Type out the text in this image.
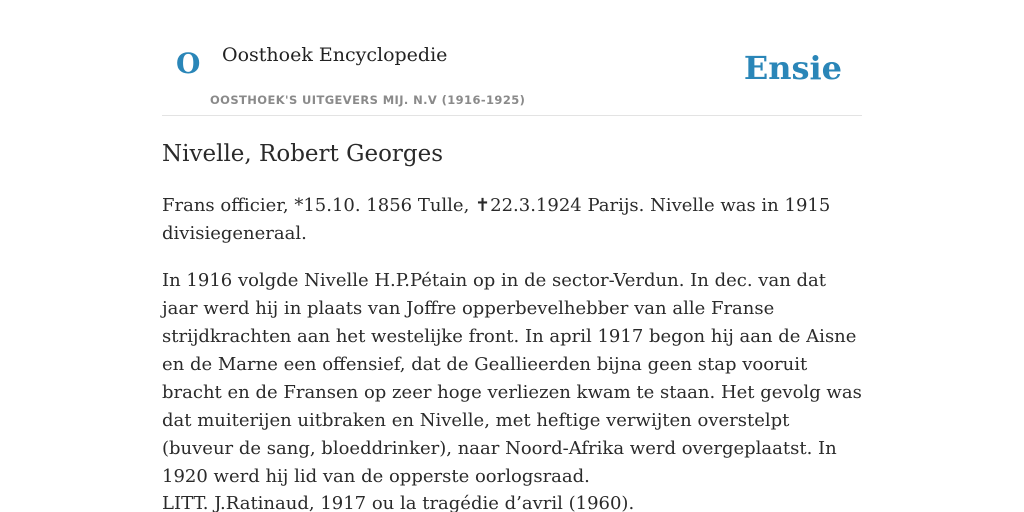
O Oosthoek Encyclopedie
OOSTHOEK'S UITGEVERS MIJ. N.V (1916-1925)
Ensie
Nivelle, Robert Georges

Frans officier, *15.10. 1856 Tulle, ✝22.3.1924 Parijs. Nivelle was in 1915 divisiegeneraal.

In 1916 volgde Nivelle H.P.Pétain op in de sector-Verdun. In dec. van dat jaar werd hij in plaats van Joffre opperbevelhebber van alle Franse strijdkrachten aan het westelijke front. In april 1917 begon hij aan de Aisne en de Marne een offensief, dat de Geallieerden bijna geen stap vooruit bracht en de Fransen op zeer hoge verliezen kwam te staan. Het gevolg was dat muiterijen uitbraken en Nivelle, met heftige verwijten overstelpt (buveur de sang, bloeddrinker), naar Noord-Afrika werd overgeplaatst. In 1920 werd hij lid van de opperste oorlogsraad.

LITT. J.Ratinaud, 1917 ou la tragédie d’avril (1960).
